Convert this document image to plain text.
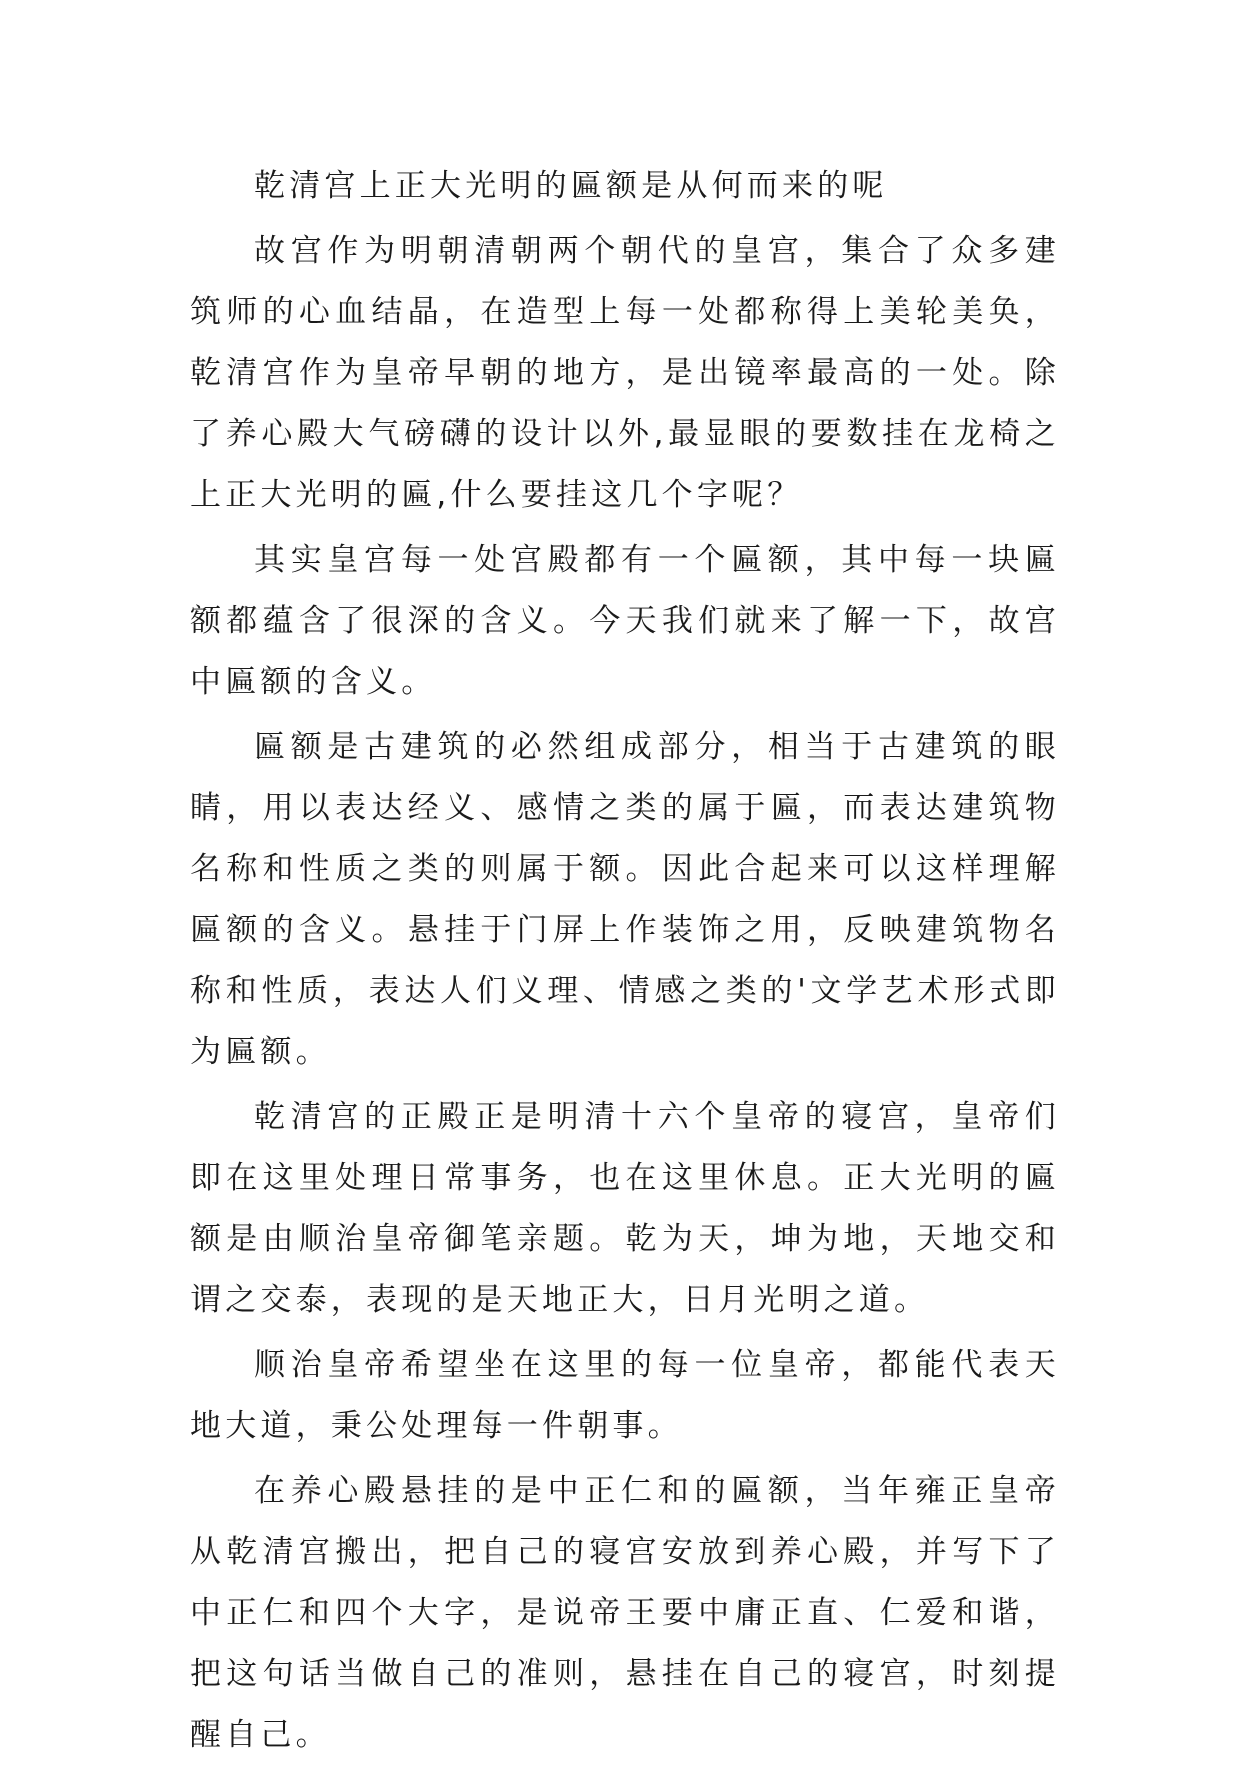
乾清宫上正大光明的匾额是从何而来的呢

故宫作为明朝清朝两个朝代的皇宫，集合了众多建筑师的心血结晶，在造型上每一处都称得上美轮美奂，乾清宫作为皇帝早朝的地方，是出镜率最高的一处。除了养心殿大气磅礴的设计以外,最显眼的要数挂在龙椅之上正大光明的匾,什么要挂这几个字呢？

其实皇宫每一处宫殿都有一个匾额，其中每一块匾额都蕴含了很深的含义。今天我们就来了解一下，故宫中匾额的含义。

匾额是古建筑的必然组成部分，相当于古建筑的眼睛，用以表达经义、感情之类的属于匾，而表达建筑物名称和性质之类的则属于额。因此合起来可以这样理解匾额的含义。悬挂于门屏上作装饰之用，反映建筑物名称和性质，表达人们义理、情感之类的'文学艺术形式即为匾额。

乾清宫的正殿正是明清十六个皇帝的寝宫，皇帝们即在这里处理日常事务，也在这里休息。正大光明的匾额是由顺治皇帝御笔亲题。乾为天，坤为地，天地交和谓之交泰，表现的是天地正大，日月光明之道。

顺治皇帝希望坐在这里的每一位皇帝，都能代表天地大道，秉公处理每一件朝事。

在养心殿悬挂的是中正仁和的匾额，当年雍正皇帝从乾清宫搬出，把自己的寝宫安放到养心殿，并写下了中正仁和四个大字，是说帝王要中庸正直、仁爱和谐，把这句话当做自己的准则，悬挂在自己的寝宫，时刻提醒自己。
